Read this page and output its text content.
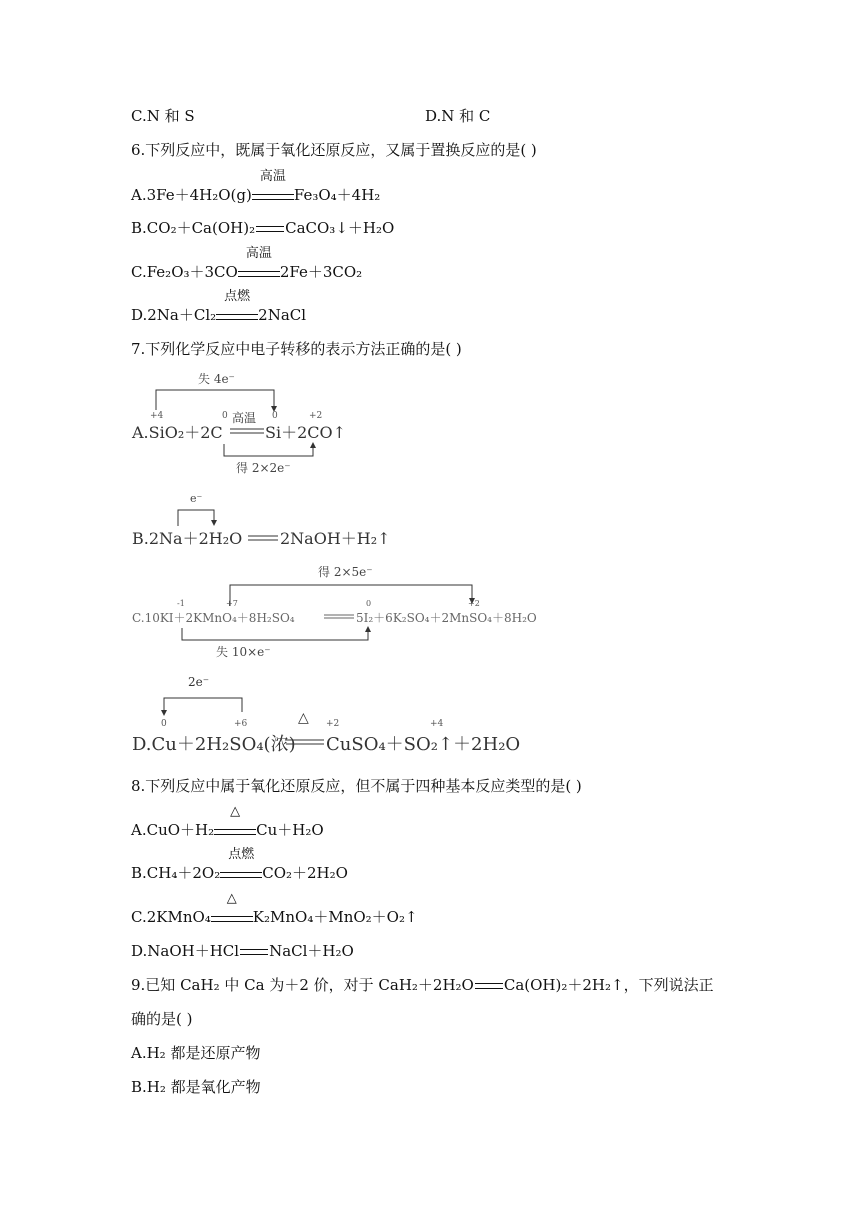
C.N 和 S	D.N 和 C
6.下列反应中，既属于氧化还原反应，又属于置换反应的是( )
A.3Fe＋4H₂O(g)
高温
Fe₃O₄＋4H₂
B.CO₂＋Ca(OH)₂ CaCO₃↓＋H₂O
C.Fe₂O₃＋3CO
高温
2Fe＋3CO₂
D.2Na＋Cl₂
点燃
2NaCl
7.下列化学反应中电子转移的表示方法正确的是( )
失 4e⁻
+4	0	0	+2
A.SiO₂＋2C
高温
Si＋2CO↑
得 2×2e⁻
e⁻
B.2Na＋2H₂O 2NaOH＋H₂↑
得 2×5e⁻
-1	+7	0	+2
C.10KI＋2KMnO₄＋8H₂SO₄	5I₂＋6K₂SO₄＋2MnSO₄＋8H₂O
失 10×e⁻
2e⁻
0	+6	+2	+4
△
D.Cu＋2H₂SO₄(浓) CuSO₄＋SO₂↑＋2H₂O
8.下列反应中属于氧化还原反应，但不属于四种基本反应类型的是( )
A.CuO＋H₂
△
Cu＋H₂O
B.CH₄＋2O₂
点燃
CO₂＋2H₂O
C.2KMnO₄
△
K₂MnO₄＋MnO₂＋O₂↑
D.NaOH＋HCl NaCl＋H₂O
9.已知 CaH₂ 中 Ca 为＋2 价，对于 CaH₂＋2H₂O Ca(OH)₂＋2H₂↑，下列说法正
确的是( )
A.H₂ 都是还原产物
B.H₂ 都是氧化产物
